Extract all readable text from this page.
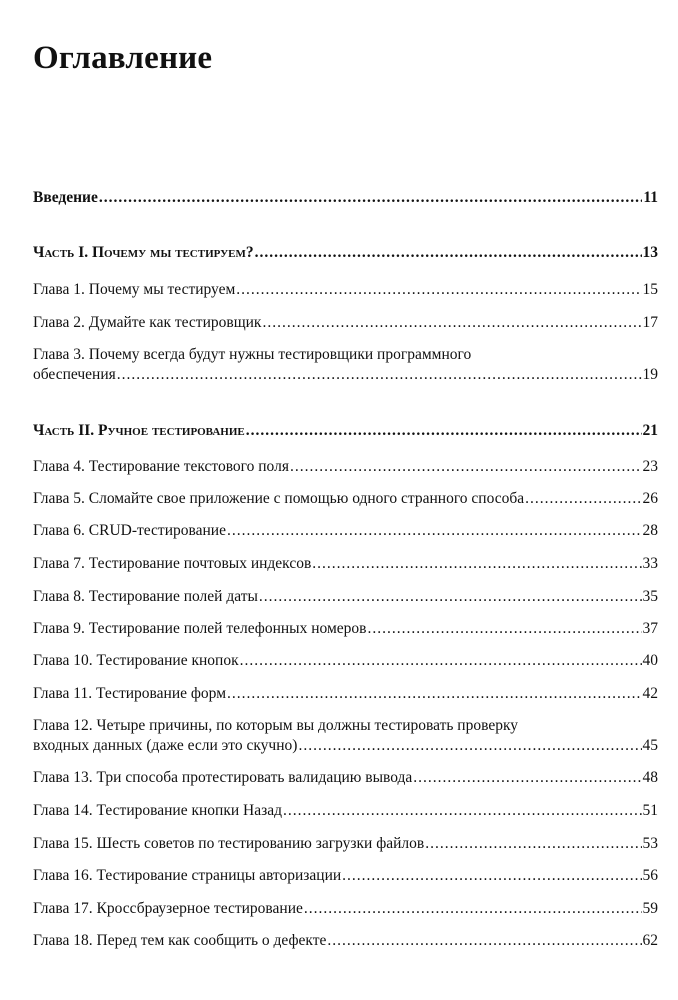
Оглавление
Введение .....	11
Часть I. Почему мы тестируем? .....	13
Глава 1. Почему мы тестируем .....	15
Глава 2. Думайте как тестировщик .....	17
Глава 3. Почему всегда будут нужны тестировщики программного
обеспечения .....	19
Часть II. Ручное тестирование .....	21
Глава 4. Тестирование текстового поля .....	23
Глава 5. Сломайте свое приложение с помощью одного странного способа .....	26
Глава 6. CRUD-тестирование .....	28
Глава 7. Тестирование почтовых индексов .....	33
Глава 8. Тестирование полей даты .....	35
Глава 9. Тестирование полей телефонных номеров .....	37
Глава 10. Тестирование кнопок .....	40
Глава 11. Тестирование форм .....	42
Глава 12. Четыре причины, по которым вы должны тестировать проверку
входных данных (даже если это скучно) .....	45
Глава 13. Три способа протестировать валидацию вывода .....	48
Глава 14. Тестирование кнопки Назад .....	51
Глава 15. Шесть советов по тестированию загрузки файлов .....	53
Глава 16. Тестирование страницы авторизации .....	56
Глава 17. Кроссбраузерное тестирование .....	59
Глава 18. Перед тем как сообщить о дефекте .....	62
